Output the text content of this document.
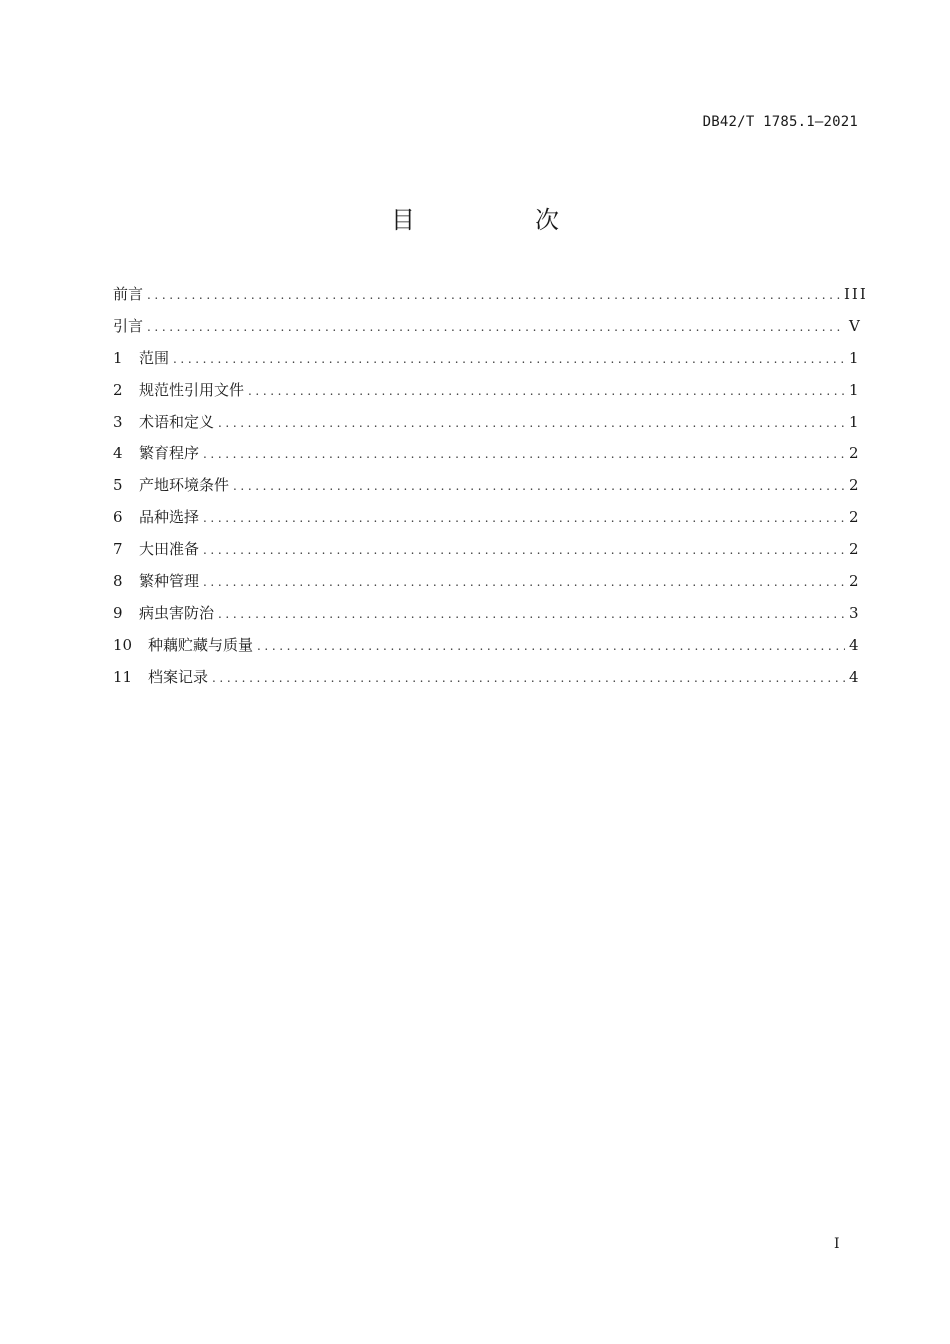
DB42/T 1785.1—2021
目　次
前言 .....	III
引言 .....	V
1	范围 .....	1
2	规范性引用文件 .....	1
3	术语和定义 .....	1
4	繁育程序 .....	2
5	产地环境条件 .....	2
6	品种选择 .....	2
7	大田准备 .....	2
8	繁种管理 .....	2
9	病虫害防治 .....	3
10	种藕贮藏与质量 .....	4
11	档案记录 .....	4
I
